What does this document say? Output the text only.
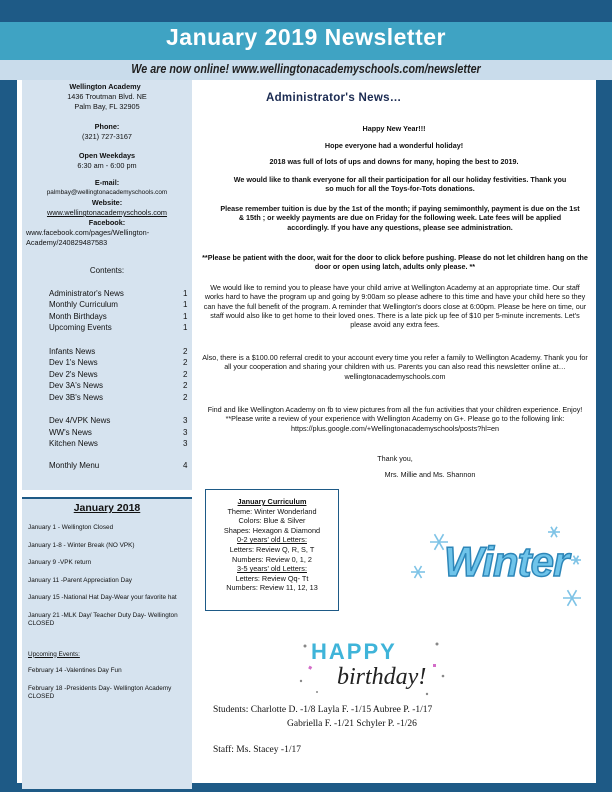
January 2019 Newsletter
We are now online! www.wellingtonacademyschools.com/newsletter
Wellington Academy
1436 Troutman Blvd. NE
Palm Bay, FL 32905
Phone:
(321) 727-3167
Open Weekdays
6:30 am - 6:00 pm
E-mail:
palmbay@wellingtonacademyschools.com
Website:
www.wellingtonacademyschools.com
Facebook:
www.facebook.com/pages/Wellington-Academy/240829487583
Contents:
Administrator's News	1
Monthly Curriculum	1
Month Birthdays	1
Upcoming Events	1
Infants News	2
Dev 1's News	2
Dev 2's News	2
Dev 3A's News	2
Dev 3B's News	2
Dev 4/VPK News	3
WW's News	3
Kitchen News	3
Monthly Menu	4
January 2018
January 1 - Wellington Closed
January 1-8 - Winter Break (NO VPK)
January 9 -VPK return
January 11 -Parent Appreciation Day
January 15 -National Hat Day-Wear your favorite hat
January 21 -MLK Day/ Teacher Duty Day- Wellington CLOSED
Upcoming Events:
February 14 -Valentines Day Fun
February 18 -Presidents Day- Wellington Academy CLOSED
Administrator's News…
Happy New Year!!!
Hope everyone had a wonderful holiday!
2018 was full of lots of ups and downs for many, hoping the best to 2019.
We would like to thank everyone for all their participation for all our holiday festivities. Thank you so much for all the Toys-for-Tots donations.
Please remember tuition is due by the 1st of the month; if paying semimonthly, payment is due on the 1st & 15th ; or weekly payments are due on Friday for the following week. Late fees will be applied accordingly. If you have any questions, please see administration.
**Please be patient with the door, wait for the door to click before pushing. Please do not let children hang on the door or open using latch, adults only please. **
We would like to remind you to please have your child arrive at Wellington Academy at an appropriate time. Our staff works hard to have the program up and going by 9:00am so please adhere to this time and have your child here so they can have the full benefit of the program. A reminder that Wellington's doors close at 6:00pm. Please be here on time, our staff would also like to get home to their loved ones. There is a late pick up fee of $10 per 5-minute increments. Let's please avoid any extra fees.
Also, there is a $100.00 referral credit to your account every time you refer a family to Wellington Academy. Thank you for all your cooperation and sharing your children with us. Parents you can also read this newsletter online at… wellingtonacademyschools.com
Find and like Wellington Academy on fb to view pictures from all the fun activities that your children experience. Enjoy! **Please write a review of your experience with Wellington Academy on G+. Please go to the following link: https://plus.google.com/+Wellingtonacademyschools/posts?hl=en
Thank you,
Mrs. Millie and Ms. Shannon
January Curriculum
Theme: Winter Wonderland
Colors: Blue & Silver
Shapes: Hexagon & Diamond
0-2 years' old Letters:
Letters: Review Q, R, S, T
Numbers: Review 0, 1, 2
3-5 years' old Letters:
Letters: Review Qq- Tt
Numbers: Review 11, 12, 13
Winter
HAPPY
birthday!
Students: Charlotte D. -1/8 Layla F. -1/15 Aubree P. -1/17
Gabriella F. -1/21 Schyler P. -1/26
Staff: Ms. Stacey -1/17
